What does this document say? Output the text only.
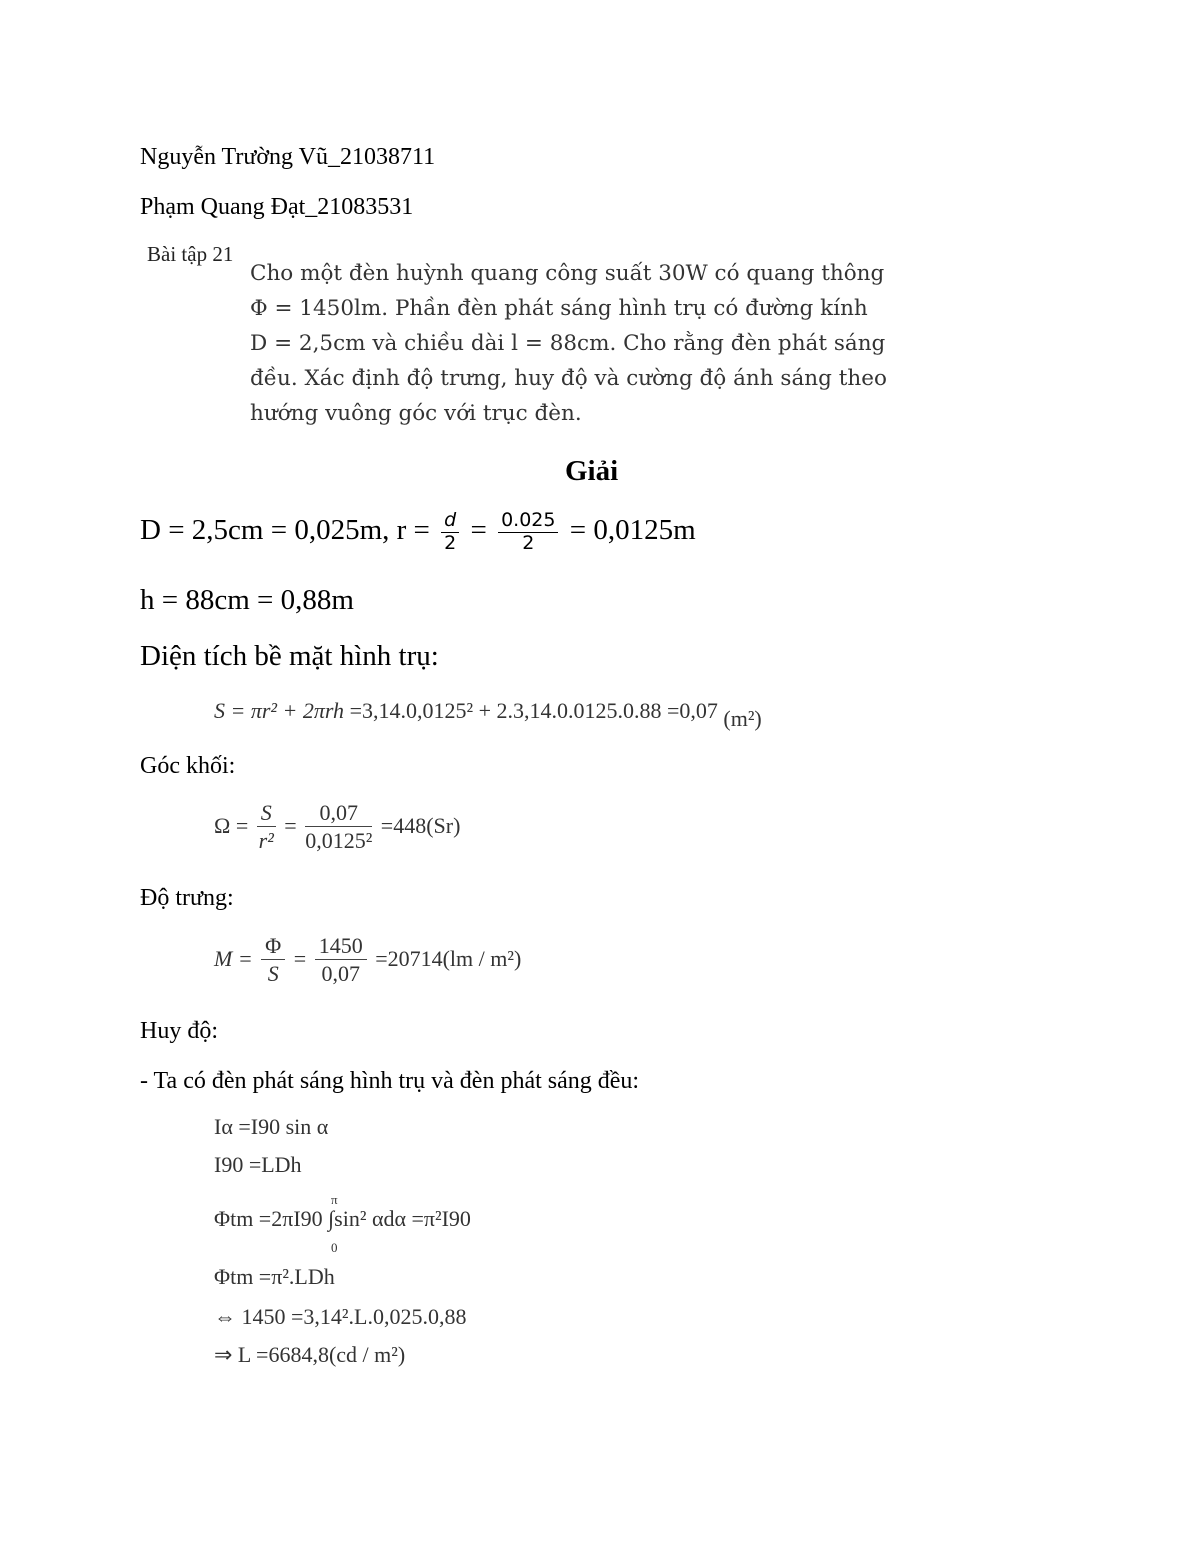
Nguyễn Trường Vũ_21038711
Phạm Quang Đạt_21083531
Bài tập 21
Cho một đèn huỳnh quang công suất 30W có quang thông
Φ = 1450lm. Phần đèn phát sáng hình trụ có đường kính
D = 2,5cm và chiều dài l = 88cm. Cho rằng đèn phát sáng
đều. Xác định độ trưng, huy độ và cường độ ánh sáng theo
hướng vuông góc với trục đèn.
Giải
D = 2,5cm = 0,025m, $r = \frac{d}{2} = \frac{0.025}{2} = 0,0125m$
h = 88cm = 0,88m
Diện tích bề mặt hình trụ:
S = πr² + 2πrh =3,14.0,0125² + 2.3,14.0.0125.0.88 =0,07 (m²)
Góc khối:
$\Omega = \frac{S}{\text{r²}} = \frac{0,07}{\text{0,0125²}} =448(Sr)$
Độ trưng:
$M = \frac{\Phi}{S} = \frac{1450}{0,07} =20714(lm / m^2)$
Huy độ:
- Ta có đèn phát sáng hình trụ và đèn phát sáng đều:
Iα =I90 sin α
I90 =LDh
π
Φtm =2πI90 ∫sin² αdα =π²I90
0
Φtm =π².LDh
⇔ 1450 =3,14².L.0,025.0,88
⇒ L =6684,8(cd / m²)
